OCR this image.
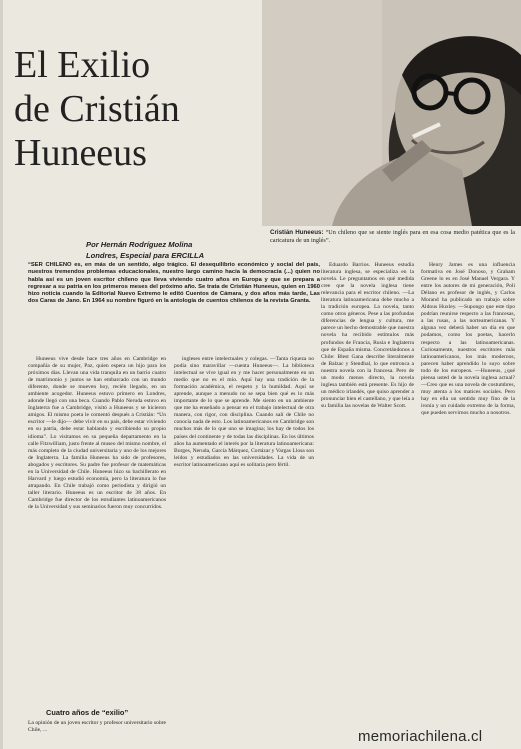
El Exilio
de Cristián
Huneeus
Cristián Huneeus: “Un chileno que se siente inglés para en esa cosa medio patética que es la caricatura de un inglés”.
Por Hernán Rodríguez Molina
Londres, Especial para ERCILLA
“SER CHILENO es, en más de un sentido, algo trágico. El desequilibrio económico y social del país, nuestros tremendos problemas educacionales, nuestro largo camino hacia la democracia (...) quien no habla así es un joven escritor chileno que lleva viviendo cuatro años en Europa y que se prepara a regresar a su patria en los primeros meses del próximo año. Se trata de Cristián Huneeus, quien en 1960 hizo noticia cuando la Editorial Nuevo Extremo le editó Cuentos de Cámara, y dos años más tarde, Las dos Caras de Jano. En 1964 su nombre figuró en la antología de cuentos chilenos de la revista Granta.

Huneeus vive desde hace tres años en Cambridge en compañía de su mujer, Paz, quien espera un hijo para los próximos días. Llevan una vida tranquila en un barrio cuatro de matrimonio y juntos se han embarcado con un mundo diferente, donde se mueven hoy, recién llegado, en un ambiente acogedor. Huneeus estuvo primero en Londres, adonde llegó con una beca. Cuando Pablo Neruda estuvo en Inglaterra fue a Cambridge, visitó a Huneeus y se hicieron amigos. El mismo poeta le comentó después a Cristián: “Un escritor —le dijo— debe vivir en su país, debe estar viviendo en su patria, debe estar hablando y escribiendo su propio idioma”. Lo visitamos en su pequeña departamento en la calle Fitzwilliam, justo frente al museo del mismo nombre, el más completo de la ciudad universitaria y uno de los mejores de Inglaterra. La familia Huneeus ha sido de profesores, abogados y escritores. Su padre fue profesor de matemáticas en la Universidad de Chile. Huneeus hizo su bachillerato en Harvard y luego estudió economía, pero la literatura lo fue atrapando. En Chile trabajó como periodista y dirigió un taller literario. Huneeus es un escritor de 38 años. En Cambridge fue director de los estudiantes latinoamericanos de la Universidad y sus seminarios fueron muy concurridos.

Cuatro años de “exilio”
La opinión de un joven escritor y profesor universitario sobre Chile, ...

ingleses entre intelectuales y colegas. —Tanta riqueza no podía sino maravillar —cuenta Huneeus—. La biblioteca intelectual se vive igual en y me hacer personalmente en un medio que no es el mío. Aquí hay una tradición de la formación académica, el respeto y la humildad. Aquí se aprende, aunque a menudo no se sepa bien qué es lo más importante de lo que se aprende. Me siento en un ambiente que me ha enseñado a pensar en el trabajo intelectual de otra manera, con rigor, con disciplina. Cuando salí de Chile no conocía nada de esto. Los latinoamericanos en Cambridge son muchos más de lo que uno se imagina; los hay de todos los países del continente y de todas las disciplinas. En los últimos años ha aumentado el interés por la literatura latinoamericana: Borges, Neruda, García Márquez, Cortázar y Vargas Llosa son leídos y estudiados en las universidades. La vida de un escritor latinoamericano aquí es solitaria pero fértil.

Eduardo Barrios. Huneeus estudia literatura inglesa, se especializa en la novela. Le preguntamos en qué medida cree que la novela inglesa tiene relevancia para el escritor chileno. —La literatura latinoamericana debe mucho a la tradición europea. La novela, tanto como otros géneros. Pese a las profundas diferencias de lengua y cultura, me parece un hecho demostrable que nuestra novela ha recibido estímulos más profundos de Francia, Rusia e Inglaterra que de España misma. Concretándonos a Chile: Blest Gana describe literalmente de Balzac y Stendhal, lo que entronca a nuestra novela con la francesa. Pero de un modo menos directo, la novela inglesa también está presente. Es hijo de un médico irlandés, que quiso aprender a pronunciar bien el castellano, y que leía a su familia las novelas de Walter Scott.

Henry James es una influencia formativa en José Donoso, y Graham Greene lo es en José Manuel Vergara. Y entre los autores de mi generación, Poli Délano es profesor de inglés, y Carlos Morand ha publicado un trabajo sobre Aldous Huxley. —Supongo que este tipo podrían reunirse respecto a las francesas, a las rusas, a las norteamericanas. Y alguna vez deberá haber un día en que podamos, como los poetas, hacerlo respecto a las latinoamericanas. Curiosamente, nuestros escritores más latinoamericanos, los más modernos, parecen haber aprendido lo suyo sobre todo de los europeos. —Huneeus, ¿qué piensa usted de la novela inglesa actual? —Creo que es una novela de costumbres, muy atenta a los matices sociales. Pero hay en ella un sentido muy fino de la ironía y un cuidado extremo de la forma, que pueden servirnos mucho a nosotros.

memoriachilena.cl
